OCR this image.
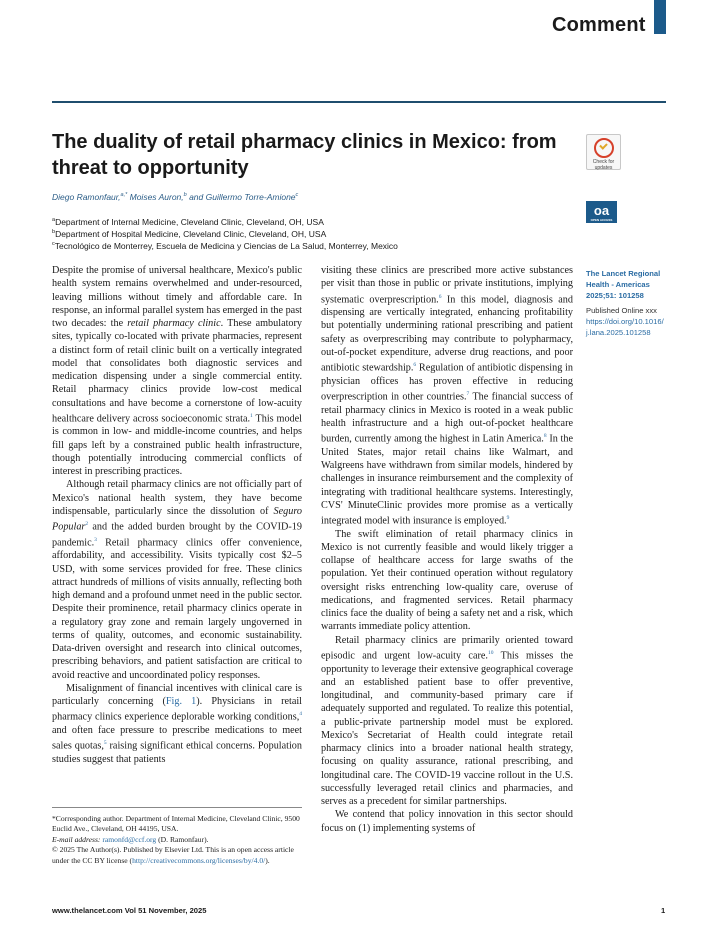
Comment
The duality of retail pharmacy clinics in Mexico: from threat to opportunity	Check for updates
Diego Ramonfaur,$^{a,*}$ Moises Auron,$^b$ and Guillermo Torre-Amione$^c$
oa
OPEN ACCESS
$^a$Department of Internal Medicine, Cleveland Clinic, Cleveland, OH, USA
$^b$Department of Hospital Medicine, Cleveland Clinic, Cleveland, OH, USA
$^c$Tecnológico de Monterrey, Escuela de Medicina y Ciencias de La Salud, Monterrey, Mexico

Despite the promise of universal healthcare, Mexico's public health system remains overwhelmed and under-resourced, leaving millions without timely and affordable care. In response, an informal parallel system has emerged in the past two decades: the retail pharmacy clinic. These ambulatory sites, typically co-located with private pharmacies, represent a distinct form of retail clinic built on a vertically integrated model that consolidates both diagnostic services and medication dispensing under a single commercial entity. Retail pharmacy clinics provide low-cost medical consultations and have become a cornerstone of low-acuity healthcare delivery across socioeconomic strata.$^1$ This model is common in low- and middle-income countries, and helps fill gaps left by a constrained public health infrastructure, though potentially introducing commercial conflicts of interest in prescribing practices.

Although retail pharmacy clinics are not officially part of Mexico's national health system, they have become indispensable, particularly since the dissolution of Seguro Popular$^2$ and the added burden brought by the COVID-19 pandemic.$^3$ Retail pharmacy clinics offer convenience, affordability, and accessibility. Visits typically cost $2–5 USD, with some services provided for free. These clinics attract hundreds of millions of visits annually, reflecting both high demand and a profound unmet need in the public sector. Despite their prominence, retail pharmacy clinics operate in a regulatory gray zone and remain largely ungoverned in terms of quality, outcomes, and economic sustainability. Data-driven oversight and research into clinical outcomes, prescribing behaviors, and patient satisfaction are critical to avoid reactive and uncoordinated policy responses.

Misalignment of financial incentives with clinical care is particularly concerning (Fig. 1). Physicians in retail pharmacy clinics experience deplorable working conditions,$^4$ and often face pressure to prescribe medications to meet sales quotas,$^5$ raising significant ethical concerns. Population studies suggest that patients

*Corresponding author. Department of Internal Medicine, Cleveland Clinic, 9500 Euclid Ave., Cleveland, OH 44195, USA.

E-mail address: ramonfd@ccf.org (D. Ramonfaur).

© 2025 The Author(s). Published by Elsevier Ltd. This is an open access article under the CC BY license (http://creativecommons.org/licenses/by/4.0/).

visiting these clinics are prescribed more active substances per visit than those in public or private institutions, implying systematic overprescription.$^6$ In this model, diagnosis and dispensing are vertically integrated, enhancing profitability but potentially undermining rational prescribing and patient safety as overprescribing may contribute to polypharmacy, out-of-pocket expenditure, adverse drug reactions, and poor antibiotic stewardship.$^6$ Regulation of antibiotic dispensing in physician offices has proven effective in reducing overprescription in other countries.$^7$ The financial success of retail pharmacy clinics in Mexico is rooted in a weak public health infrastructure and a high out-of-pocket healthcare burden, currently among the highest in Latin America.$^8$ In the United States, major retail chains like Walmart, and Walgreens have withdrawn from similar models, hindered by challenges in insurance reimbursement and the complexity of integrating with traditional healthcare systems. Interestingly, CVS' MinuteClinic provides more promise as a vertically integrated model with insurance is employed.$^9$

The swift elimination of retail pharmacy clinics in Mexico is not currently feasible and would likely trigger a collapse of healthcare access for large swaths of the population. Yet their continued operation without regulatory oversight risks entrenching low-quality care, overuse of medications, and fragmented services. Retail pharmacy clinics face the duality of being a safety net and a risk, which warrants immediate policy attention.

Retail pharmacy clinics are primarily oriented toward episodic and urgent low-acuity care.$^{10}$ This misses the opportunity to leverage their extensive geographical coverage and an established patient base to offer preventive, longitudinal, and community-based primary care if adequately supported and regulated. To realize this potential, a public-private partnership model must be explored. Mexico's Secretariat of Health could integrate retail pharmacy clinics into a broader national health strategy, focusing on quality assurance, rational prescribing, and longitudinal care. The COVID-19 vaccine rollout in the U.S. successfully leveraged retail clinics and pharmacies, and serves as a precedent for similar partnerships.

We contend that policy innovation in this sector should focus on (1) implementing systems of

The Lancet Regional Health - Americas 2025;51: 101258
Published Online xxx
https://doi.org/10.1016/j.lana.2025.101258
www.thelancet.com Vol 51 November, 2025	1
